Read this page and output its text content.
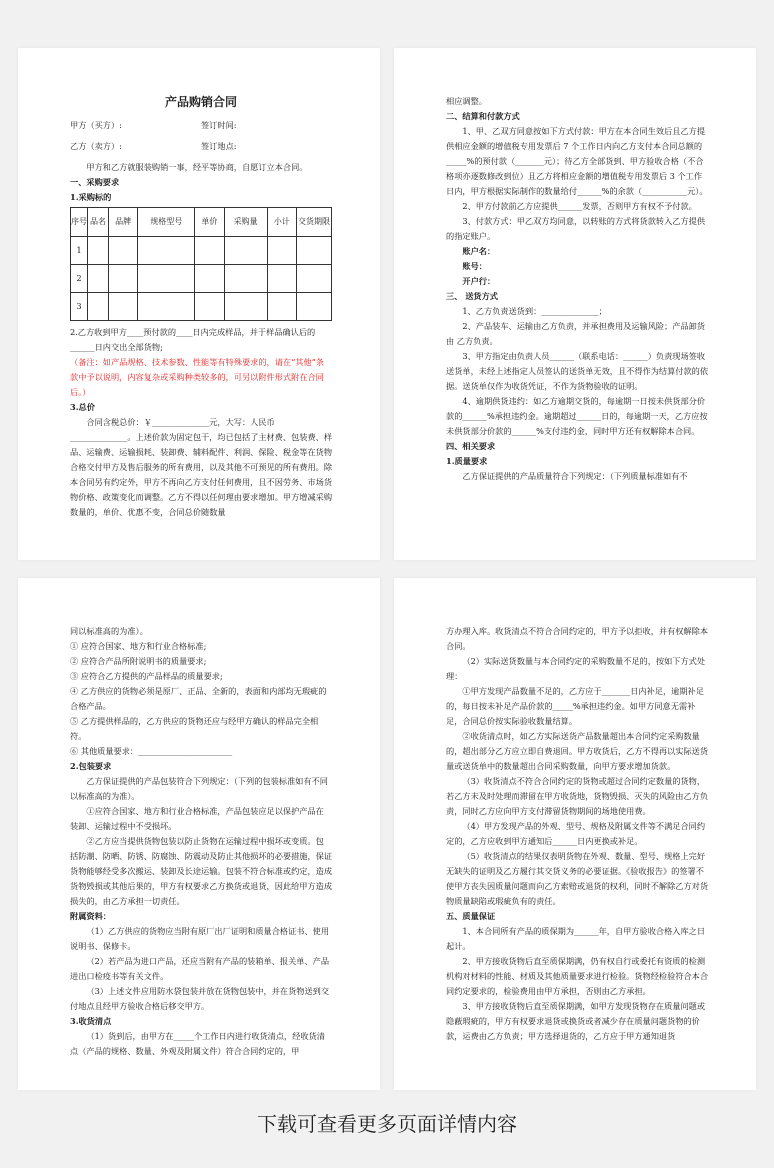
产品购销合同
甲方（买方）:	签订时间:
乙方（卖方）:	签订地点:

甲方和乙方就服装购销一事，经平等协商，自愿订立本合同。

一、采购要求

1.采购标的

序号	品名	品牌	规格型号	单价	采购量	小计	交货期限
1							
2							
3							

2.乙方收到甲方____预付款的____日内完成样品，并于样品确认后的______日内交出全部货物;

（备注：如产品规格、技术参数、性能等有特殊要求的，请在“其他”条款中予以说明，内容复杂或采购种类较多的，可另以附件形式附在合同后。）

3.总价

合同含税总价：￥______________元，大写：人民币______________。上述价款为固定包干，均已包括了主材费、包装费、样品、运输费、运输损耗、装卸费、辅料配件、利润、保险、税金等在货物合格交付甲方及售后服务的所有费用，以及其他不可预见的所有费用。除本合同另有约定外，甲方不再向乙方支付任何费用，且不因劳务、市场货物价格、政策变化而调整。乙方不得以任何理由要求增加。甲方增减采购数量的，单价、优惠不变，合同总价随数量

相应调整。

二、结算和付款方式

1、甲、乙双方同意按如下方式付款：甲方在本合同生效后且乙方提供相应金额的增值税专用发票后 7 个工作日内向乙方支付本合同总额的_____%的预付款（_______元）；待乙方全部货到、甲方验收合格（不合格项亦逐数修改到位）且乙方将相应金额的增值税专用发票后 3 个工作日内，甲方根据实际制作的数量给付______%的余款（___________元）。

2、甲方付款前乙方应提供______发票，否则甲方有权不予付款。

3、付款方式：甲乙双方均同意，以转账的方式将货款转入乙方提供的指定账户。

账户名：

账号：

开户行：

三、 送货方式

1、乙方负责送货到：______________；

2、产品装车、运输由乙方负责，并承担费用及运输风险；产品卸货由 乙方负责。

3、甲方指定由负责人员______（联系电话：______）负责现场签收送货单，未经上述指定人员签认的送货单无效，且不得作为结算付款的依据。送货单仅作为收货凭证，不作为货物验收的证明。

4、逾期供货违约：如乙方逾期交货的，每逾期一日按未供货部分价款的______%承担违约金。逾期超过______日的，每逾期一天，乙方应按未供货部分价款的______%支付违约金，同时甲方还有权解除本合同。

四、相关要求

1.质量要求

乙方保证提供的产品质量符合下列规定：（下列质量标准如有不

同以标准高的为准）。

① 应符合国家、地方和行业合格标准;

② 应符合产品所附说明书的质量要求;

③ 应符合乙方提供的产品样品的质量要求;

④ 乙方供应的货物必须是原厂、正品、全新的，表面和内部均无瑕疵的合格产品。

⑤ 乙方提供样品的，乙方供应的货物还应与经甲方确认的样品完全相符。

⑥ 其他质量要求：_______________________

2.包装要求

乙方保证提供的产品包装符合下列规定：（下列的包装标准如有不同以标准高的为准）。

①应符合国家、地方和行业合格标准，产品包装应足以保护产品在装卸、运输过程中不受损坏。

②乙方应当提供货物包装以防止货物在运输过程中损坏或变质。包括防潮、防晒、防锈、防腐蚀、防震动及防止其他损坏的必要措施，保证货物能够经受多次搬运、装卸及长途运输。包装不符合标准或约定，造成货物毁损或其他后果的，甲方有权要求乙方换货或退货，因此给甲方造成损失的，由乙方承担一切责任。

附属资料：

（1）乙方供应的货物应当附有原厂出厂证明和质量合格证书、使用说明书、保修卡。

（2）若产品为进口产品，还应当附有产品的装箱单、报关单、产品进出口检疫书等有关文件。

（3）上述文件应用防水袋包装并放在货物包装中，并在货物送到交付地点且经甲方验收合格后移交甲方。

3.收货清点

（1）货到后，由甲方在_____个工作日内进行收货清点，经收货清点（产品的规格、数量、外观及附属文件）符合合同约定的，甲

方办理入库。收货清点不符合合同约定的，甲方予以拒收，并有权解除本合同。

（2）实际送货数量与本合同约定的采购数量不足的，按如下方式处理：

①甲方发现产品数量不足的，乙方应于_______日内补足，逾期补足的，每日按未补足产品价款的_____%承担违约金。如甲方同意无需补足，合同总价按实际验收数量结算。

②收货清点时，如乙方实际送货产品数量超出本合同约定采购数量的，超出部分乙方应立即自费退回。甲方收货后，乙方不得再以实际送货量或送货单中的数量超出合同采购数量，向甲方要求增加货款。

（3）收货清点不符合合同约定的货物或超过合同约定数量的货物，若乙方未及时处理而滞留在甲方收货地，货物毁损、灭失的风险由乙方负责，同时乙方应向甲方支付滞留货物期间的场地使用费。

（4）甲方发现产品的外观、型号、规格及附属文件等不满足合同约定的，乙方应收到甲方通知后______日内更换或补足。

（5）收货清点的结果仅表明货物在外观、数量、型号、规格上完好无缺失的证明及乙方履行其交货义务的必要证据。《验收报告》的签署不使甲方丧失因质量问题而向乙方索赔或退货的权利，同时不解除乙方对货物质量缺陷或瑕疵负有的责任。

五、质量保证

1、本合同所有产品的质保期为______年，自甲方验收合格入库之日起计。

2、甲方接收货物后直至质保期满，仍有权自行或委托有资质的检测机构对材料的性能、材质及其他质量要求进行检验。货物经检验符合本合同约定要求的，检验费用由甲方承担，否则由乙方承担。

3、甲方接收货物后直至质保期满，如甲方发现货物存在质量问题或隐蔽瑕疵的，甲方有权要求退货或换货或者减少存在质量问题货物的价款，运费由乙方负责；甲方选择退货的，乙方应于甲方通知退货

下载可查看更多页面详情内容
